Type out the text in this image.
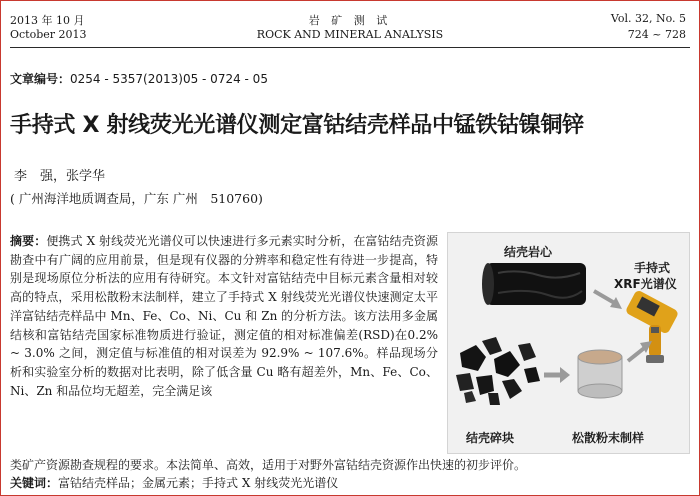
2013 年 10 月
October 2013
岩 矿 测 试
ROCK AND MINERAL ANALYSIS
Vol. 32, No. 5
724 ~ 728
文章编号：0254 - 5357(2013)05 - 0724 - 05
手持式 X 射线荧光光谱仪测定富钴结壳样品中锰铁钴镍铜锌
李　强，张学华
( 广州海洋地质调查局，广东 广州　510760)
摘要：便携式 X 射线荧光光谱仪可以快速进行多元素实时分析，在富钴结壳资源勘查中有广阔的应用前景，但是现有仪器的分辨率和稳定性有待进一步提高，特别是现场原位分析法的应用有待研究。本文针对富钴结壳中目标元素含量相对较高的特点，采用松散粉末法制样，建立了手持式 X 射线荧光光谱仪快速测定太平洋富钴结壳样品中 Mn、Fe、Co、Ni、Cu 和 Zn 的分析方法。该方法用多金属结核和富钴结壳国家标准物质进行验证，测定值的相对标准偏差(RSD)在0.2% ~ 3.0% 之间，测定值与标准值的相对误差为 92.9% ~ 107.6%。样品现场分析和实验室分析的数据对比表明，除了低含量 Cu 略有超差外，Mn、Fe、Co、Ni、Zn 和品位均无超差，完全满足该
类矿产资源勘查规程的要求。本法简单、高效，适用于对野外富钴结壳资源作出快速的初步评价。
关键词：富钴结壳样品；金属元素；手持式 X 射线荧光光谱仪
结壳岩心
手持式
XRF光谱仪
结壳碎块	松散粉末制样
